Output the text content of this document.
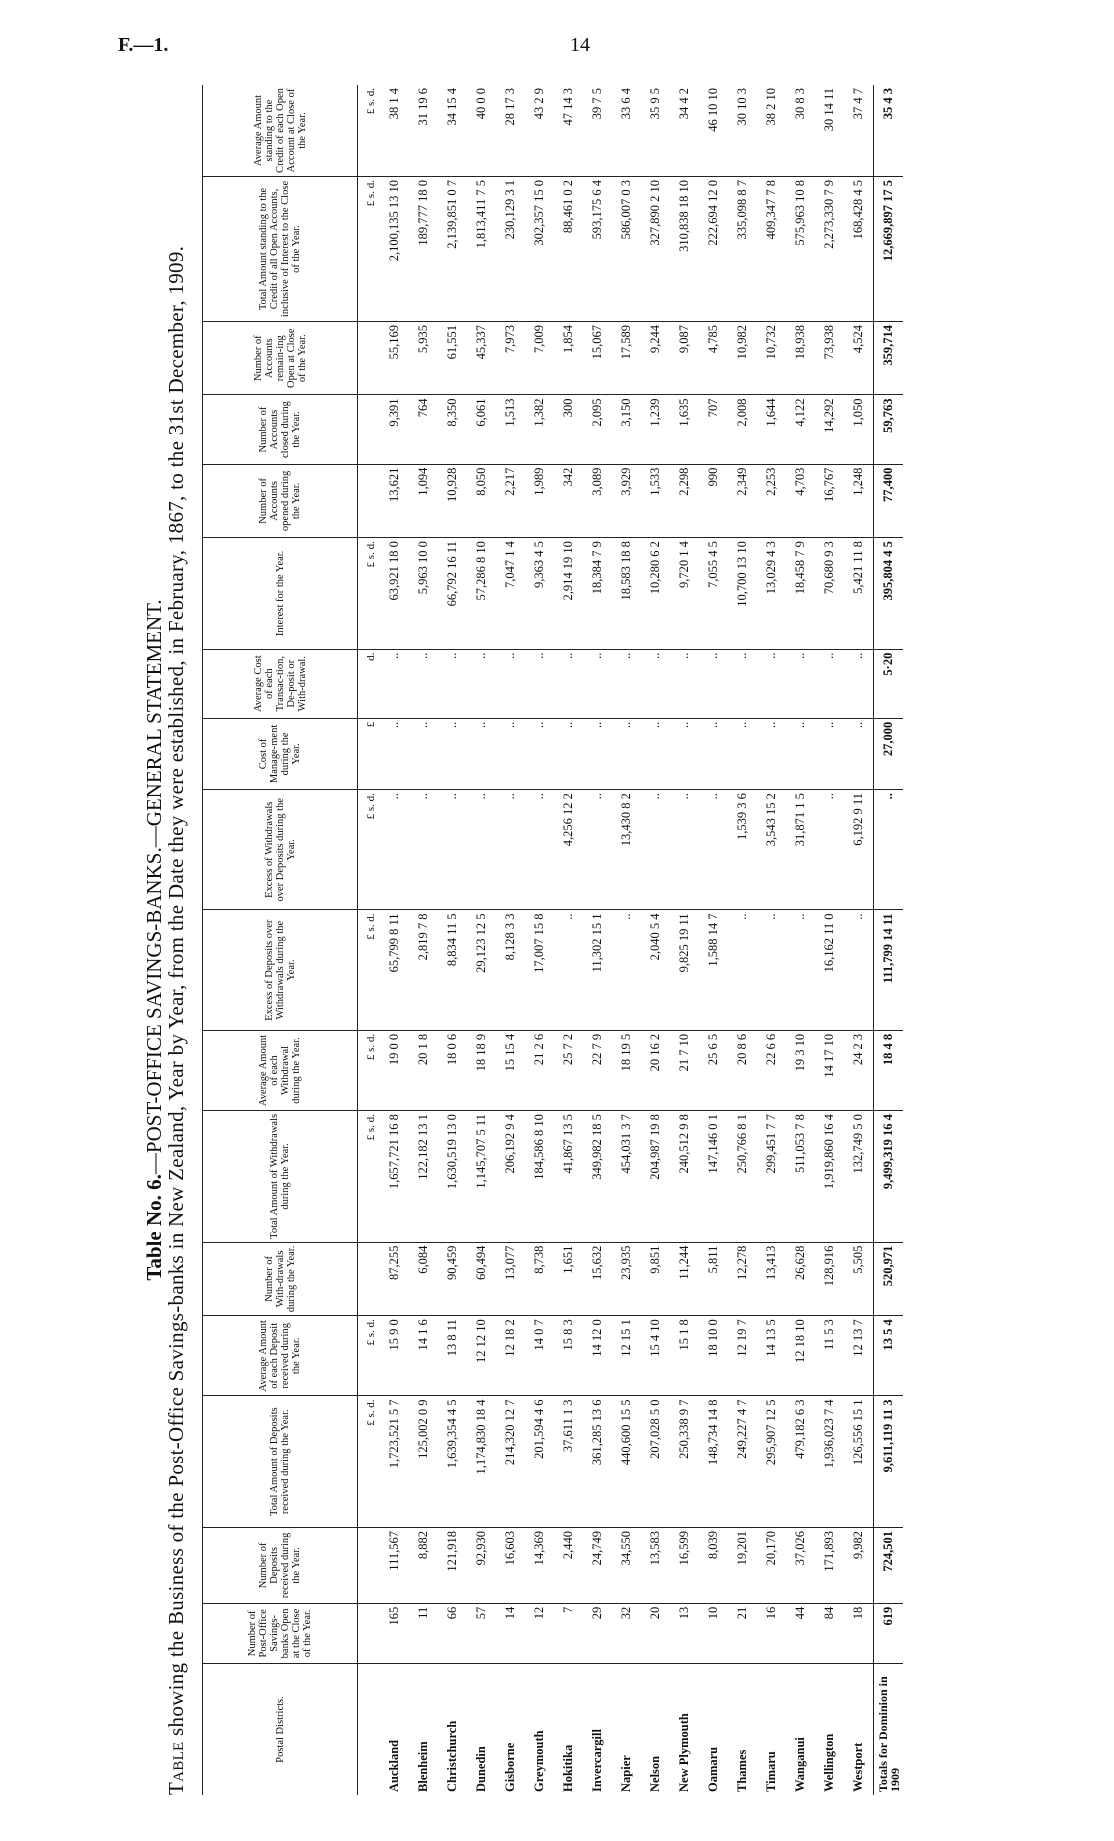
F.—1.	14
Table No. 6.—POST-OFFICE SAVINGS-BANKS.—GENERAL STATEMENT.
Table showing the Business of the Post-Office Savings-banks in New Zealand, Year by Year, from the Date they were established, in February, 1867, to the 31st December, 1909.	Postal Districts.	Number of Post-Office Savings-banks Open at the Close of the Year.	Number of Deposits received during the Year.	Total Amount of Deposits received during the Year.	Average Amount of each Deposit received during the Year.	Number of With-drawals during the Year.	Total Amount of Withdrawals during the Year.	Average Amount of each Withdrawal during the Year.	Excess of Deposits over Withdrawals during the Year.	Excess of Withdrawals over Deposits during the Year.	Cost of Manage-ment during the Year.	Average Cost of each Transac-tion, De-posit or With-drawal.	Interest for the Year.	Number of Accounts opened during the Year.	Number of Accounts closed during the Year.	Number of Accounts remain-ing Open at Close of the Year.	Total Amount standing to the Credit of all Open Accounts, inclusive of Interest to the Close of the Year.	Average Amount standing to the Credit of each Open Account at Close of the Year.
			£ s. d.	£ s. d.		£ s. d.	£ s. d.	£ s. d.	£ s. d.	£	d.	£ s. d.				£ s. d.	£ s. d.
Auckland	165	111,567	1,723,521 5 7	15 9 0	87,255	1,657,721 16 8	19 0 0	65,799 8 11	..	..	..	63,921 18 0	13,621	9,391	55,169	2,100,135 13 10	38 1 4
Blenheim	11	8,882	125,002 0 9	14 1 6	6,084	122,182 13 1	20 1 8	2,819 7 8	..	..	..	5,963 10 0	1,094	764	5,935	189,777 18 0	31 19 6
Christchurch	66	121,918	1,639,354 4 5	13 8 11	90,459	1,630,519 13 0	18 0 6	8,834 11 5	..	..	..	66,792 16 11	10,928	8,350	61,551	2,139,851 0 7	34 15 4
Dunedin	57	92,930	1,174,830 18 4	12 12 10	60,494	1,145,707 5 11	18 18 9	29,123 12 5	..	..	..	57,286 8 10	8,050	6,061	45,337	1,813,411 7 5	40 0 0
Gisborne	14	16,603	214,320 12 7	12 18 2	13,077	206,192 9 4	15 15 4	8,128 3 3	..	..	..	7,047 1 4	2,217	1,513	7,973	230,129 3 1	28 17 3
Greymouth	12	14,369	201,594 4 6	14 0 7	8,738	184,586 8 10	21 2 6	17,007 15 8	..	..	..	9,363 4 5	1,989	1,382	7,009	302,357 15 0	43 2 9
Hokitika	7	2,440	37,611 1 3	15 8 3	1,651	41,867 13 5	25 7 2	..	4,256 12 2	..	..	2,914 19 10	342	300	1,854	88,461 0 2	47 14 3
Invercargill	29	24,749	361,285 13 6	14 12 0	15,632	349,982 18 5	22 7 9	11,302 15 1	..	..	..	18,384 7 9	3,089	2,095	15,067	593,175 6 4	39 7 5
Napier	32	34,550	440,600 15 5	12 15 1	23,935	454,031 3 7	18 19 5	..	13,430 8 2	..	..	18,583 18 8	3,929	3,150	17,589	586,007 0 3	33 6 4
Nelson	20	13,583	207,028 5 0	15 4 10	9,851	204,987 19 8	20 16 2	2,040 5 4	..	..	..	10,280 6 2	1,533	1,239	9,244	327,890 2 10	35 9 5
New Plymouth	13	16,599	250,338 9 7	15 1 8	11,244	240,512 9 8	21 7 10	9,825 19 11	..	..	..	9,720 1 4	2,298	1,635	9,087	310,838 18 10	34 4 2
Oamaru	10	8,039	148,734 14 8	18 10 0	5,811	147,146 0 1	25 6 5	1,588 14 7	..	..	..	7,055 4 5	990	707	4,785	222,694 12 0	46 10 10
Thames	21	19,201	249,227 4 7	12 19 7	12,278	250,766 8 1	20 8 6	..	1,539 3 6	..	..	10,700 13 10	2,349	2,008	10,982	335,098 8 7	30 10 3
Timaru	16	20,170	295,907 12 5	14 13 5	13,413	299,451 7 7	22 6 6	..	3,543 15 2	..	..	13,029 4 3	2,253	1,644	10,732	409,347 7 8	38 2 10
Wanganui	44	37,026	479,182 6 3	12 18 10	26,628	511,053 7 8	19 3 10	..	31,871 1 5	..	..	18,458 7 9	4,703	4,122	18,938	575,963 10 8	30 8 3
Wellington	84	171,893	1,936,023 7 4	11 5 3	128,916	1,919,860 16 4	14 17 10	16,162 11 0	..	..	..	70,680 9 3	16,767	14,292	73,938	2,273,330 7 9	30 14 11
Westport	18	9,982	126,556 15 1	12 13 7	5,505	132,749 5 0	24 2 3	..	6,192 9 11	..	..	5,421 11 8	1,248	1,050	4,524	168,428 4 5	37 4 7
Totals for Dominion in 1909	619	724,501	9,611,119 11 3	13 5 4	520,971	9,499,319 16 4	18 4 8	111,799 14 11	..	27,000	5·20	395,804 4 5	77,400	59,763	359,714	12,669,897 17 5	35 4 3
